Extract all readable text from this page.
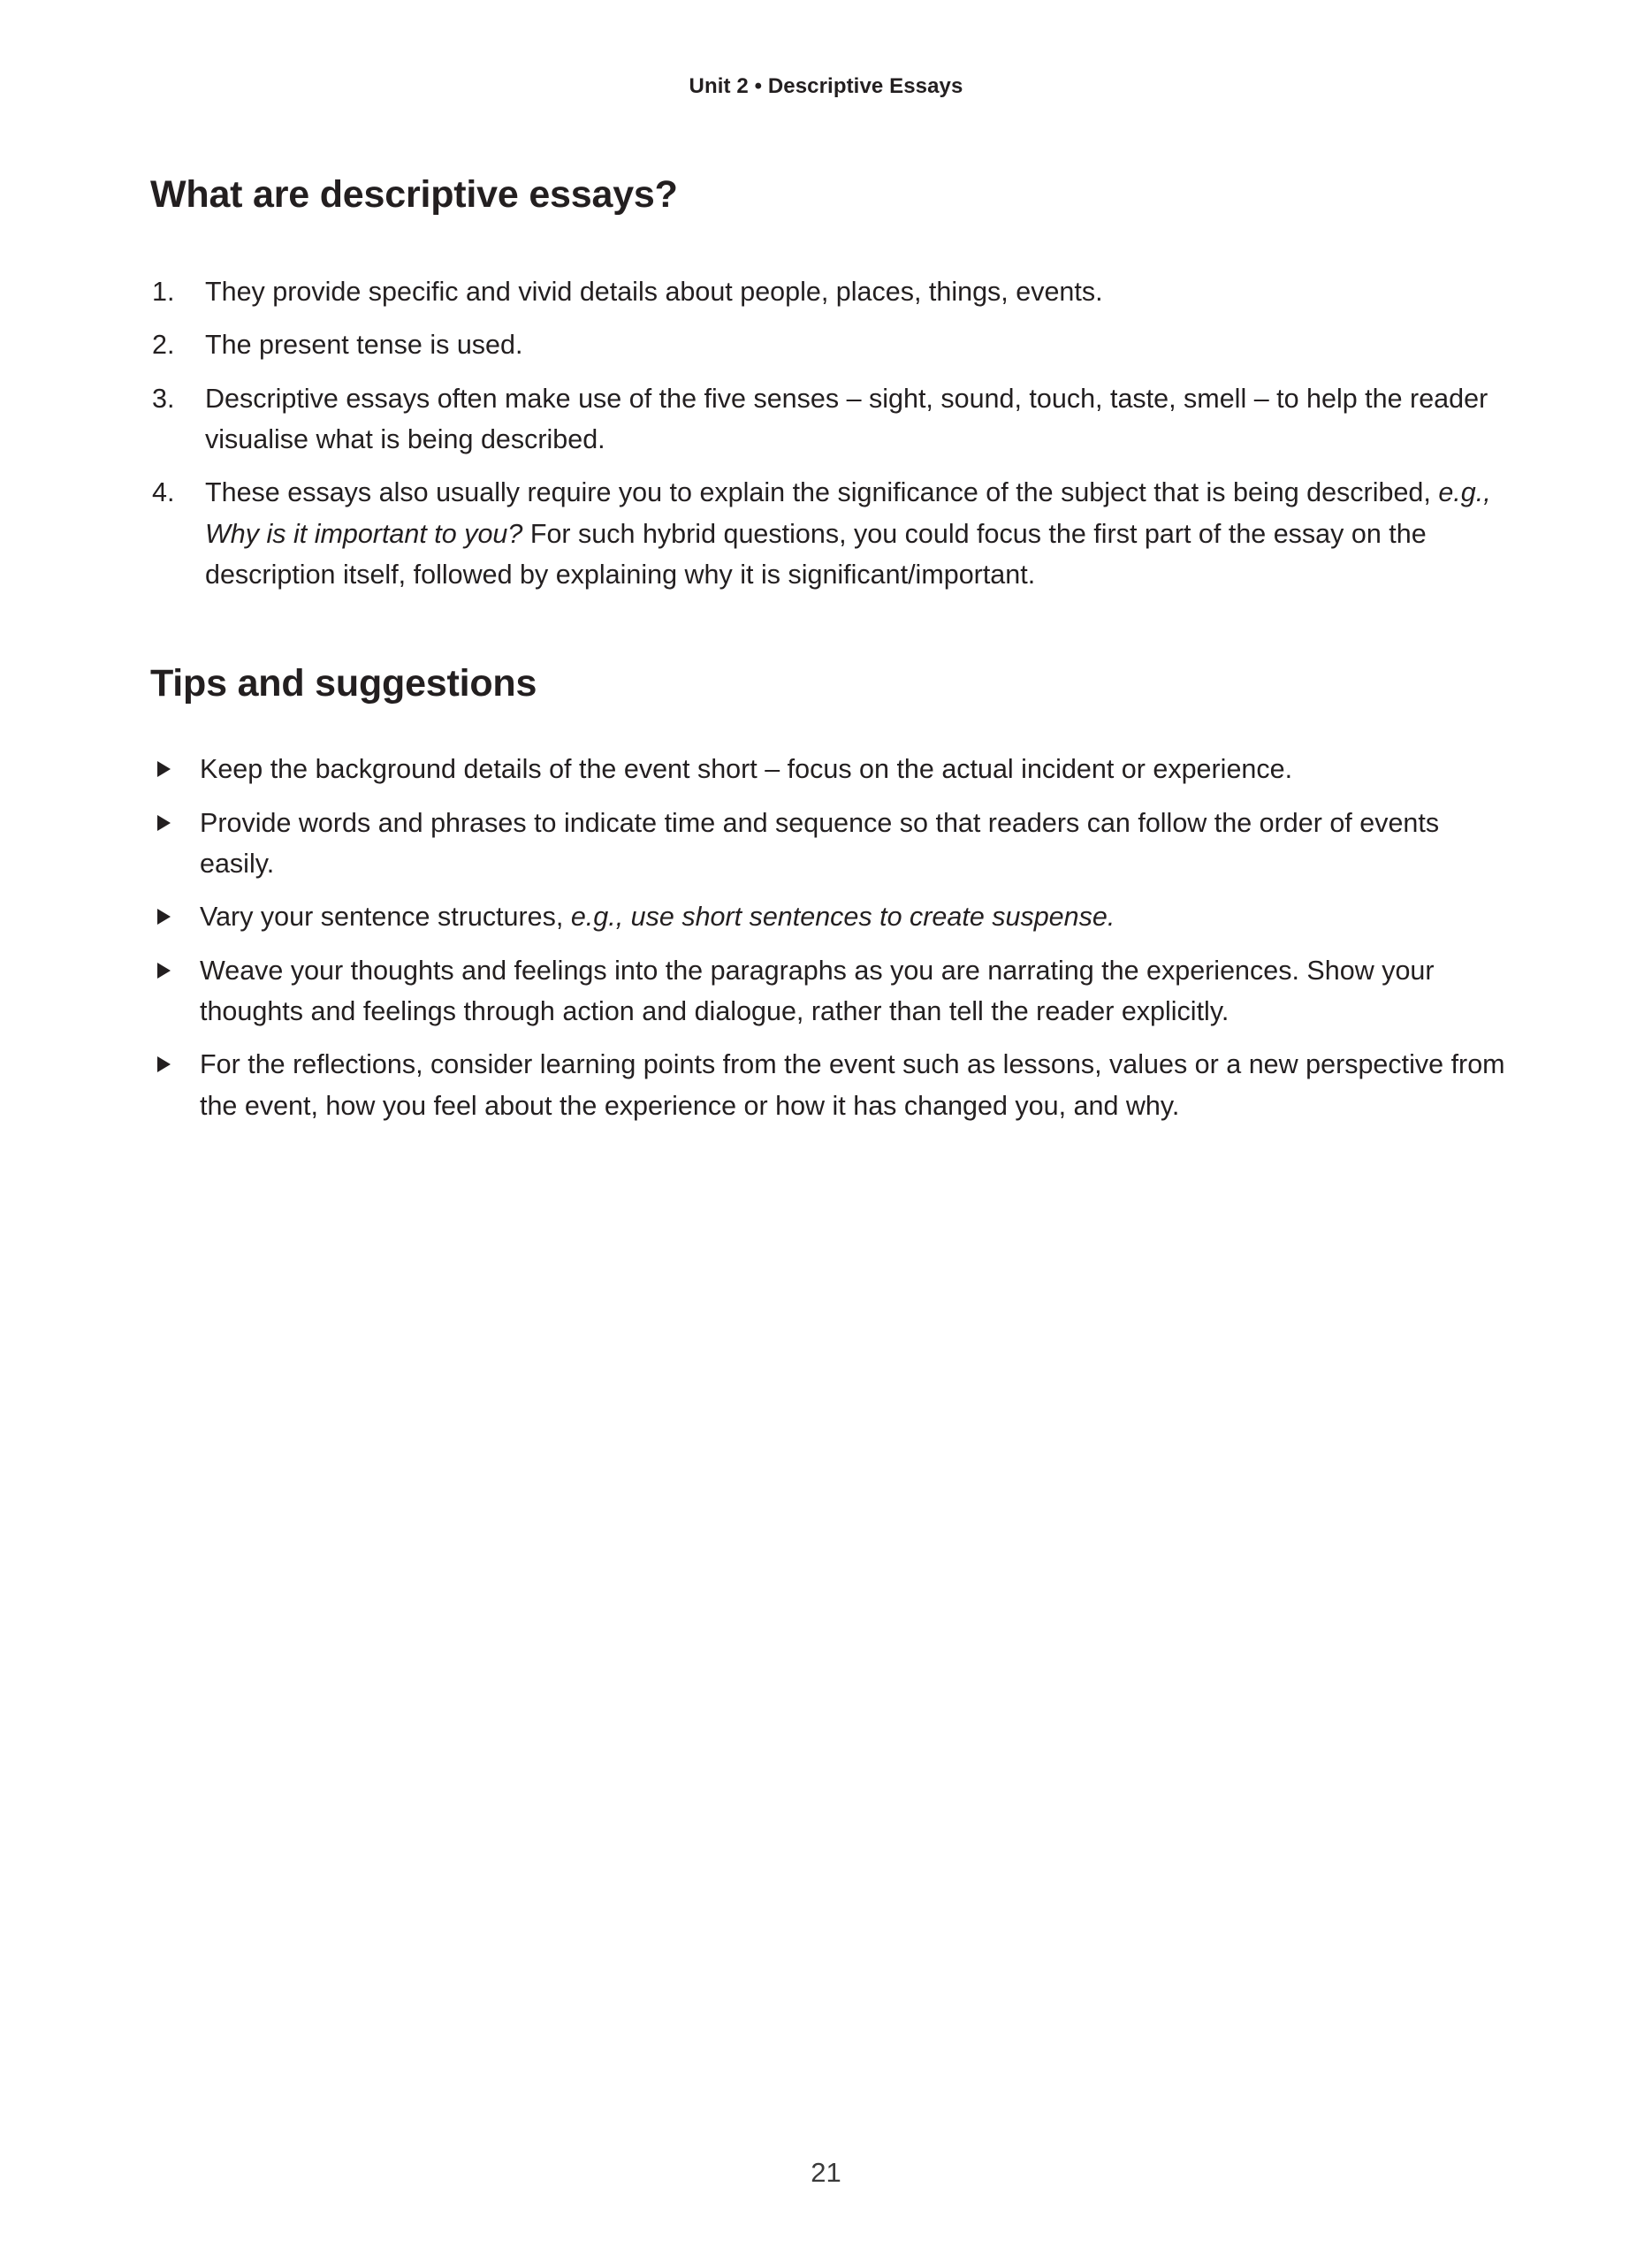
Unit 2 • Descriptive Essays
What are descriptive essays?
1.	They provide specific and vivid details about people, places, things, events.
2.	The present tense is used.
3.	Descriptive essays often make use of the five senses – sight, sound, touch, taste, smell – to help the reader visualise what is being described.
4.	These essays also usually require you to explain the significance of the subject that is being described, e.g., Why is it important to you? For such hybrid questions, you could focus the first part of the essay on the description itself, followed by explaining why it is significant/important.
Tips and suggestions
Keep the background details of the event short – focus on the actual incident or experience.
Provide words and phrases to indicate time and sequence so that readers can follow the order of events easily.
Vary your sentence structures, e.g., use short sentences to create suspense.
Weave your thoughts and feelings into the paragraphs as you are narrating the experiences. Show your thoughts and feelings through action and dialogue, rather than tell the reader explicitly.
For the reflections, consider learning points from the event such as lessons, values or a new perspective from the event, how you feel about the experience or how it has changed you, and why.
21
